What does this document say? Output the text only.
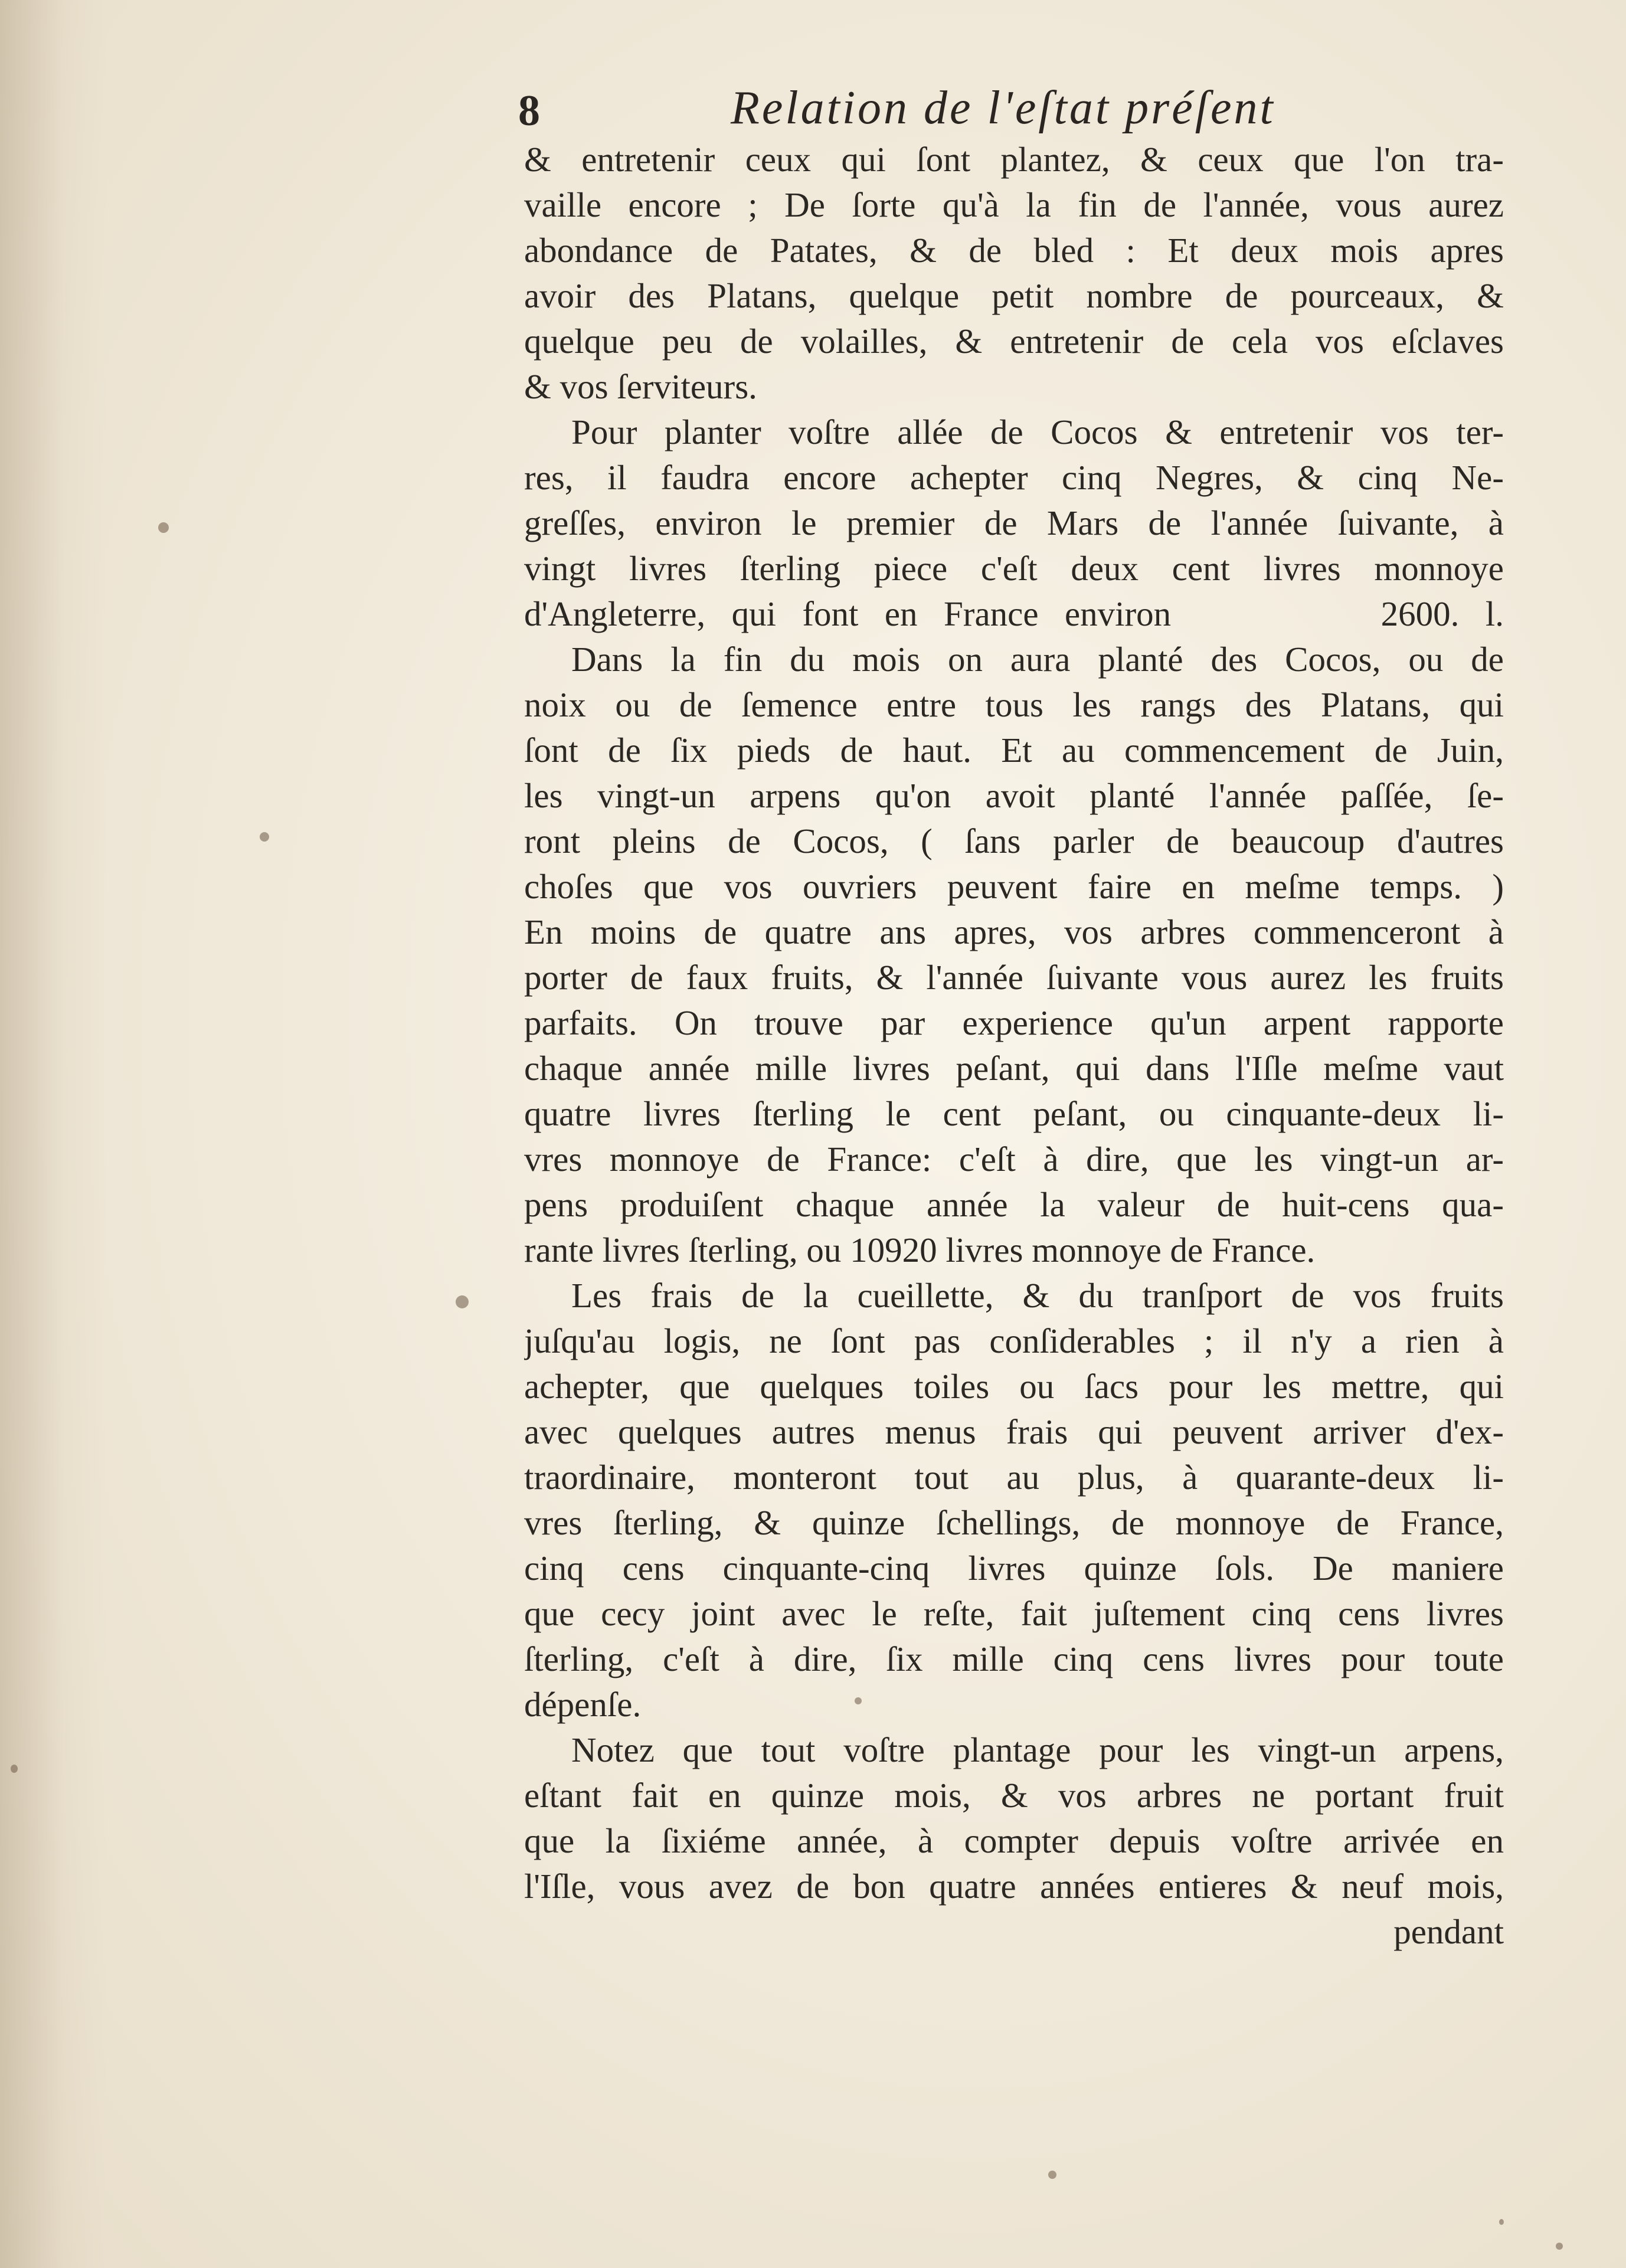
8	Relation de l'eſtat préſent
& entretenir ceux qui ſont plantez, & ceux que l'on tra-
vaille encore ; De ſorte qu'à la fin de l'année, vous aurez
abondance de Patates, & de bled : Et deux mois apres
avoir des Platans, quelque petit nombre de pourceaux, &
quelque peu de volailles, & entretenir de cela vos eſclaves
& vos ſerviteurs.
Pour planter voſtre allée de Cocos & entretenir vos ter-
res, il faudra encore achepter cinq Negres, & cinq Ne-
greſſes, environ le premier de Mars de l'année ſuivante, à
vingt livres ſterling piece c'eſt deux cent livres monnoye
d'Angleterre, qui font en France environ        2600. l.
Dans la fin du mois on aura planté des Cocos, ou de
noix ou de ſemence entre tous les rangs des Platans, qui
ſont de ſix pieds de haut. Et au commencement de Juin,
les vingt-un arpens qu'on avoit planté l'année paſſée, ſe-
ront pleins de Cocos, ( ſans parler de beaucoup d'autres
choſes que vos ouvriers peuvent faire en meſme temps. )
En moins de quatre ans apres, vos arbres commenceront à
porter de faux fruits, & l'année ſuivante vous aurez les fruits
parfaits. On trouve par experience qu'un arpent rapporte
chaque année mille livres peſant, qui dans l'Iſle meſme vaut
quatre livres ſterling le cent peſant, ou cinquante-deux li-
vres monnoye de France: c'eſt à dire, que les vingt-un ar-
pens produiſent chaque année la valeur de huit-cens qua-
rante livres ſterling, ou 10920 livres monnoye de France.
Les frais de la cueillette, & du tranſport de vos fruits
juſqu'au logis, ne ſont pas conſiderables ; il n'y a rien à
achepter, que quelques toiles ou ſacs pour les mettre, qui
avec quelques autres menus frais qui peuvent arriver d'ex-
traordinaire, monteront tout au plus, à quarante-deux li-
vres ſterling, & quinze ſchellings, de monnoye de France,
cinq cens cinquante-cinq livres quinze ſols. De maniere
que cecy joint avec le reſte, fait juſtement cinq cens livres
ſterling, c'eſt à dire, ſix mille cinq cens livres pour toute
dépenſe.
Notez que tout voſtre plantage pour les vingt-un arpens,
eſtant fait en quinze mois, & vos arbres ne portant fruit
que la ſixiéme année, à compter depuis voſtre arrivée en
l'Iſle, vous avez de bon quatre années entieres & neuf mois,
pendant
